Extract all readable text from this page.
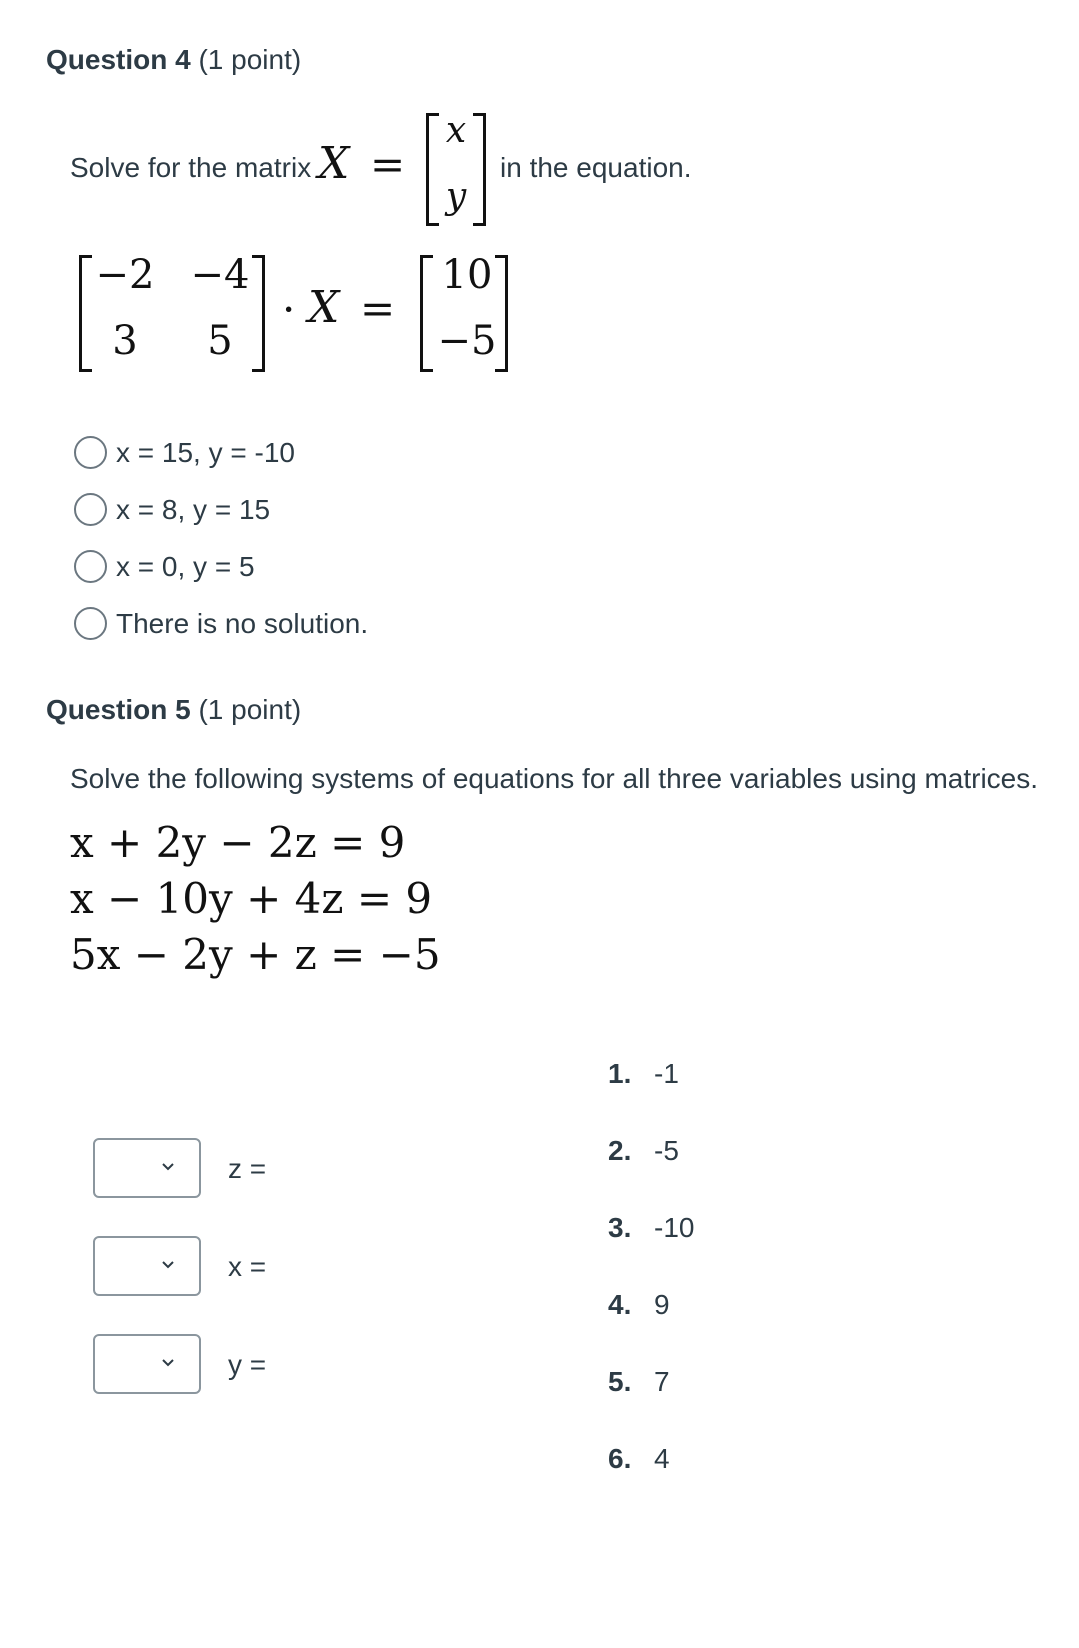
Question 4 (1 point)
Solve for the matrix X =
x
y
in the equation.
−2 −4
3	5
· X =
10
−5
x = 15, y = -10
x = 8, y = 15
x = 0, y = 5
There is no solution.
Question 5 (1 point)
Solve the following systems of equations for all three variables using matrices.
x + 2y − 2z = 9
x − 10y + 4z = 9
5x − 2y + z = −5
z =
x =
y =
1. -1
2. -5
3. -10
4. 9
5. 7
6. 4
